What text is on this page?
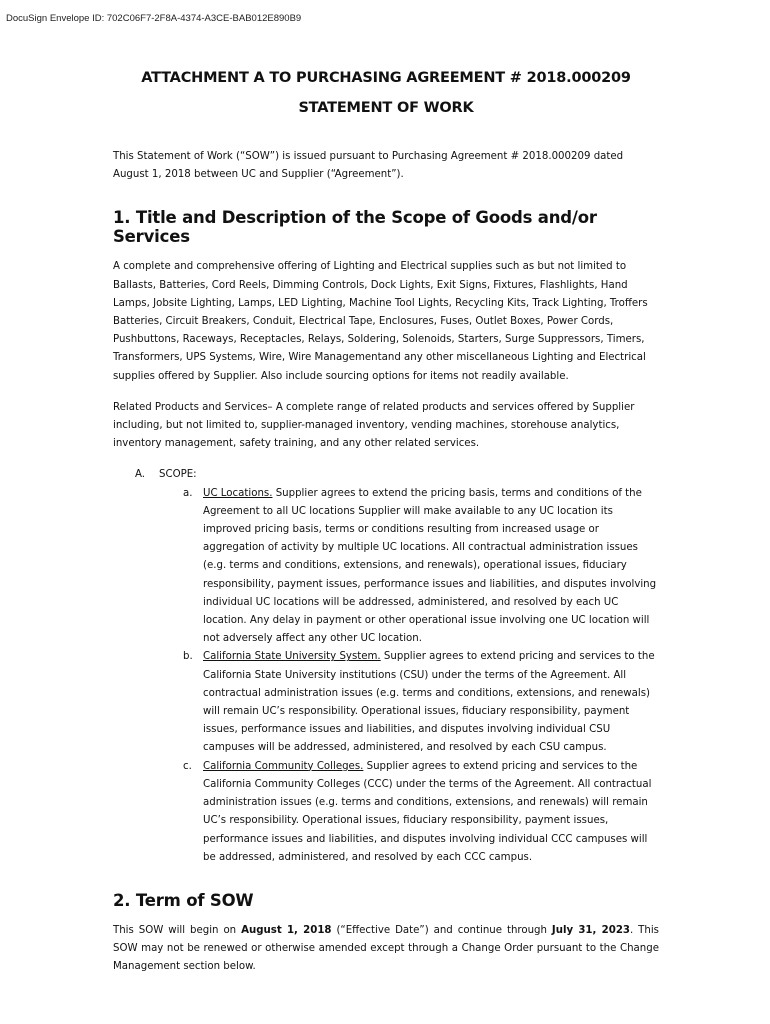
DocuSign Envelope ID: 702C06F7-2F8A-4374-A3CE-BAB012E890B9
ATTACHMENT A TO PURCHASING AGREEMENT # 2018.000209
STATEMENT OF WORK

This Statement of Work (“SOW”) is issued pursuant to Purchasing Agreement # 2018.000209 dated August 1, 2018 between UC and Supplier (“Agreement”).

1. Title and Description of the Scope of Goods and/or Services

A complete and comprehensive offering of Lighting and Electrical supplies such as but not limited to Ballasts, Batteries, Cord Reels, Dimming Controls, Dock Lights, Exit Signs, Fixtures, Flashlights, Hand Lamps, Jobsite Lighting, Lamps, LED Lighting, Machine Tool Lights, Recycling Kits, Track Lighting, Troffers Batteries, Circuit Breakers, Conduit, Electrical Tape, Enclosures, Fuses, Outlet Boxes, Power Cords, Pushbuttons, Raceways, Receptacles, Relays, Soldering, Solenoids, Starters, Surge Suppressors, Timers, Transformers, UPS Systems, Wire, Wire Managementand any other miscellaneous Lighting and Electrical supplies offered by Supplier. Also include sourcing options for items not readily available.

Related Products and Services– A complete range of related products and services offered by Supplier including, but not limited to, supplier-managed inventory, vending machines, storehouse analytics, inventory management, safety training, and any other related services.

A.	SCOPE:
a.	UC Locations. Supplier agrees to extend the pricing basis, terms and conditions of the Agreement to all UC locations Supplier will make available to any UC location its improved pricing basis, terms or conditions resulting from increased usage or aggregation of activity by multiple UC locations. All contractual administration issues (e.g. terms and conditions, extensions, and renewals), operational issues, fiduciary responsibility, payment issues, performance issues and liabilities, and disputes involving individual UC locations will be addressed, administered, and resolved by each UC location. Any delay in payment or other operational issue involving one UC location will not adversely affect any other UC location.
b.	California State University System. Supplier agrees to extend pricing and services to the California State University institutions (CSU) under the terms of the Agreement. All contractual administration issues (e.g. terms and conditions, extensions, and renewals) will remain UC’s responsibility. Operational issues, fiduciary responsibility, payment issues, performance issues and liabilities, and disputes involving individual CSU campuses will be addressed, administered, and resolved by each CSU campus.
c.	California Community Colleges. Supplier agrees to extend pricing and services to the California Community Colleges (CCC) under the terms of the Agreement. All contractual administration issues (e.g. terms and conditions, extensions, and renewals) will remain UC’s responsibility. Operational issues, fiduciary responsibility, payment issues, performance issues and liabilities, and disputes involving individual CCC campuses will be addressed, administered, and resolved by each CCC campus.
2. Term of SOW

This SOW will begin on August 1, 2018 (“Effective Date”) and continue through July 31, 2023. This SOW may not be renewed or otherwise amended except through a Change Order pursuant to the Change Management section below.
